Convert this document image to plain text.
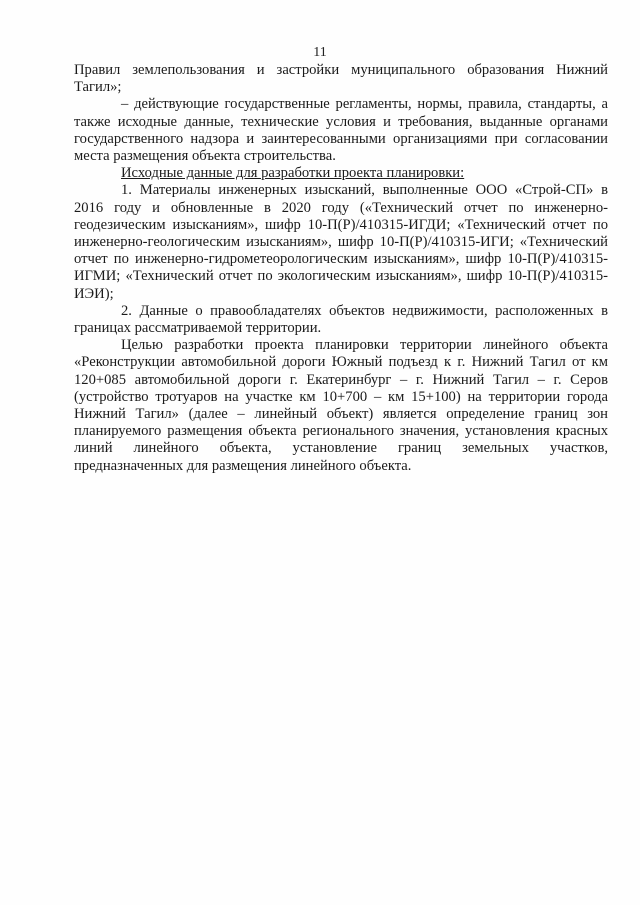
11

Правил землепользования и застройки муниципального образования Нижний Тагил»;

– действующие государственные регламенты, нормы, правила, стандарты, а также исходные данные, технические условия и требования, выданные органами государственного надзора и заинтересованными организациями при согласовании места размещения объекта строительства.

Исходные данные для разработки проекта планировки:

1. Материалы инженерных изысканий, выполненные ООО «Строй-СП» в 2016 году и обновленные в 2020 году («Технический отчет по инженерно-геодезическим изысканиям», шифр 10-П(Р)/410315-ИГДИ; «Технический отчет по инженерно-геологическим изысканиям», шифр 10-П(Р)/410315-ИГИ; «Технический отчет по инженерно-гидрометеорологическим изысканиям», шифр 10-П(Р)/410315-ИГМИ; «Технический отчет по экологическим изысканиям», шифр 10-П(Р)/410315-ИЭИ);

2. Данные о правообладателях объектов недвижимости, расположенных в границах рассматриваемой территории.

Целью разработки проекта планировки территории линейного объекта «Реконструкции автомобильной дороги Южный подъезд к г. Нижний Тагил от км 120+085 автомобильной дороги г. Екатеринбург – г. Нижний Тагил – г. Серов (устройство тротуаров на участке км 10+700 – км 15+100) на территории города Нижний Тагил» (далее – линейный объект) является определение границ зон планируемого размещения объекта регионального значения, установления красных линий линейного объекта, установление границ земельных участков, предназначенных для размещения линейного объекта.
